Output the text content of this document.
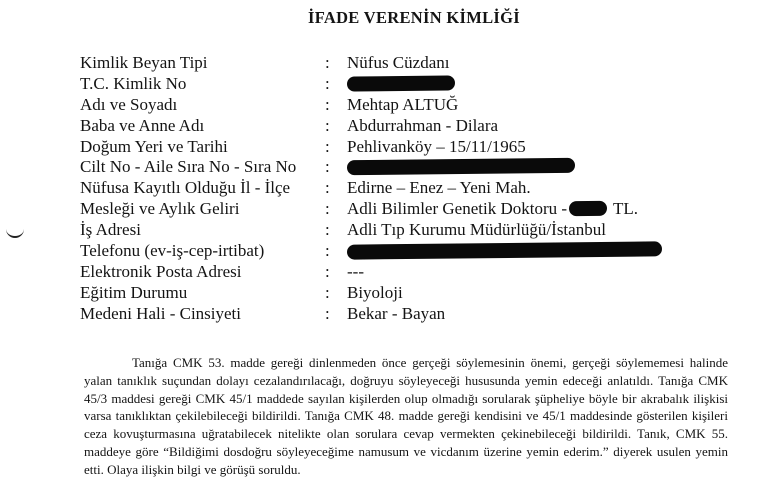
İFADE VERENİN KİMLİĞİ
Kimlik Beyan Tipi	:	Nüfus Cüzdanı
T.C. Kimlik No	:
Adı ve Soyadı	:	Mehtap ALTUĞ
Baba ve Anne Adı	:	Abdurrahman - Dilara
Doğum Yeri ve Tarihi	:	Pehlivanköy – 15/11/1965
Cilt No - Aile Sıra No - Sıra No	:
Nüfusa Kayıtlı Olduğu İl - İlçe	:	Edirne – Enez – Yeni Mah.
Mesleği ve Aylık Geliri	:	Adli Bilimler Genetik Doktoru -	TL.
İş Adresi	:	Adli Tıp Kurumu Müdürlüğü/İstanbul
Telefonu (ev-iş-cep-irtibat)	:
Elektronik Posta Adresi	:	---
Eğitim Durumu	:	Biyoloji
Medeni Hali - Cinsiyeti	:	Bekar - Bayan

Tanığa CMK 53. madde gereği dinlenmeden önce gerçeği söylemesinin önemi, gerçeği söylememesi halinde yalan tanıklık suçundan dolayı cezalandırılacağı, doğruyu söyleyeceği hususunda yemin edeceği anlatıldı. Tanığa CMK 45/3 maddesi gereği CMK 45/1 maddede sayılan kişilerden olup olmadığı sorularak şüpheliye böyle bir akrabalık ilişkisi varsa tanıklıktan çekilebileceği bildirildi. Tanığa CMK 48. madde gereği kendisini ve 45/1 maddesinde gösterilen kişileri ceza kovuşturmasına uğratabilecek nitelikte olan sorulara cevap vermekten çekinebileceği bildirildi. Tanık, CMK 55. maddeye göre “Bildiğimi dosdoğru söyleyeceğime namusum ve vicdanım üzerine yemin ederim.” diyerek usulen yemin etti. Olaya ilişkin bilgi ve görüşü soruldu.
